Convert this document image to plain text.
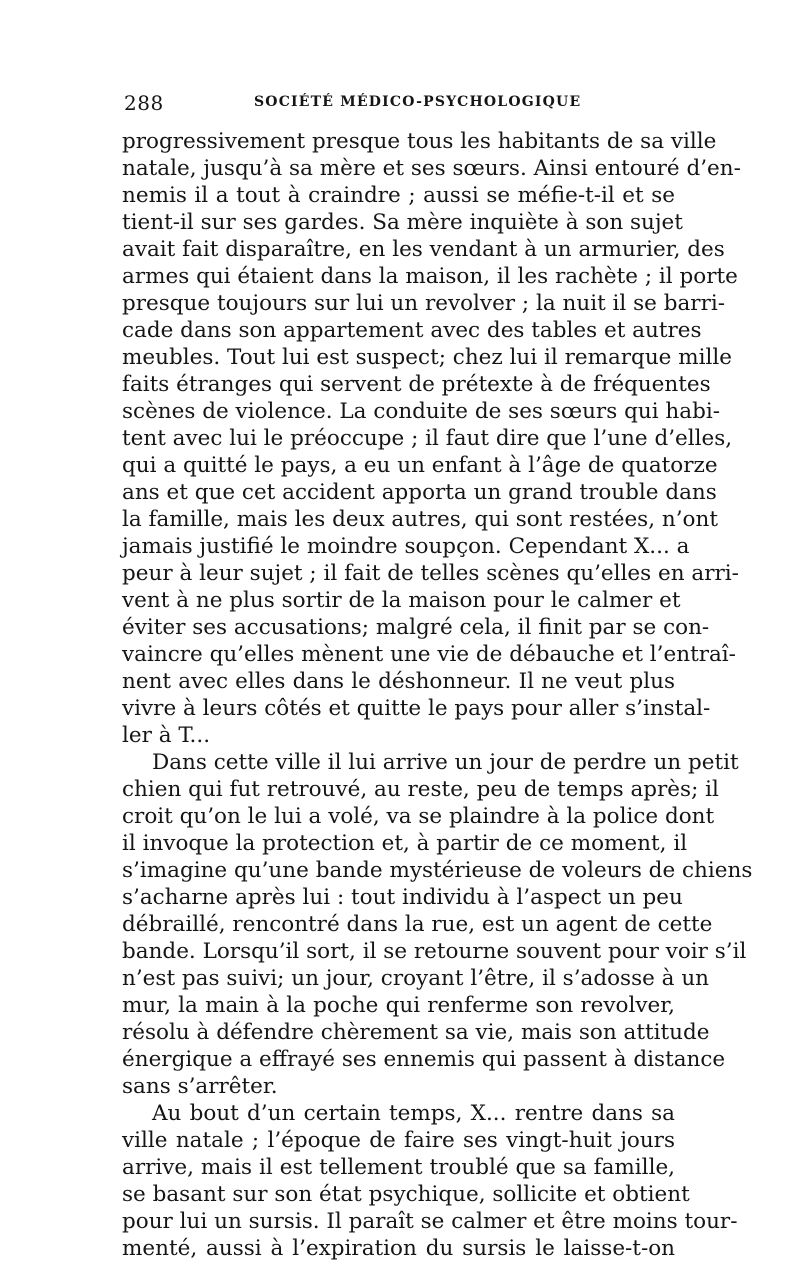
288	SOCIÉTÉ MÉDICO-PSYCHOLOGIQUE
progressivement presque tous les habitants de sa ville
natale, jusqu’à sa mère et ses sœurs. Ainsi entouré d’en-
nemis il a tout à craindre ; aussi se méfie-t-il et se
tient-il sur ses gardes. Sa mère inquiète à son sujet
avait fait disparaître, en les vendant à un armurier, des
armes qui étaient dans la maison, il les rachète ; il porte
presque toujours sur lui un revolver ; la nuit il se barri-
cade dans son appartement avec des tables et autres
meubles. Tout lui est suspect; chez lui il remarque mille
faits étranges qui servent de prétexte à de fréquentes
scènes de violence. La conduite de ses sœurs qui habi-
tent avec lui le préoccupe ; il faut dire que l’une d’elles,
qui a quitté le pays, a eu un enfant à l’âge de quatorze
ans et que cet accident apporta un grand trouble dans
la famille, mais les deux autres, qui sont restées, n’ont
jamais justifié le moindre soupçon. Cependant X... a
peur à leur sujet ; il fait de telles scènes qu’elles en arri-
vent à ne plus sortir de la maison pour le calmer et
éviter ses accusations; malgré cela, il finit par se con-
vaincre qu’elles mènent une vie de débauche et l’entraî-
nent avec elles dans le déshonneur. Il ne veut plus
vivre à leurs côtés et quitte le pays pour aller s’instal-
ler à T...
Dans cette ville il lui arrive un jour de perdre un petit
chien qui fut retrouvé, au reste, peu de temps après; il
croit qu’on le lui a volé, va se plaindre à la police dont
il invoque la protection et, à partir de ce moment, il
s’imagine qu’une bande mystérieuse de voleurs de chiens
s’acharne après lui : tout individu à l’aspect un peu
débraillé, rencontré dans la rue, est un agent de cette
bande. Lorsqu’il sort, il se retourne souvent pour voir s’il
n’est pas suivi; un jour, croyant l’être, il s’adosse à un
mur, la main à la poche qui renferme son revolver,
résolu à défendre chèrement sa vie, mais son attitude
énergique a effrayé ses ennemis qui passent à distance
sans s’arrêter.
Au bout d’un certain temps, X... rentre dans sa
ville natale ; l’époque de faire ses vingt-huit jours
arrive, mais il est tellement troublé que sa famille,
se basant sur son état psychique, sollicite et obtient
pour lui un sursis. Il paraît se calmer et être moins tour-
menté, aussi à l’expiration du sursis le laisse-t-on
